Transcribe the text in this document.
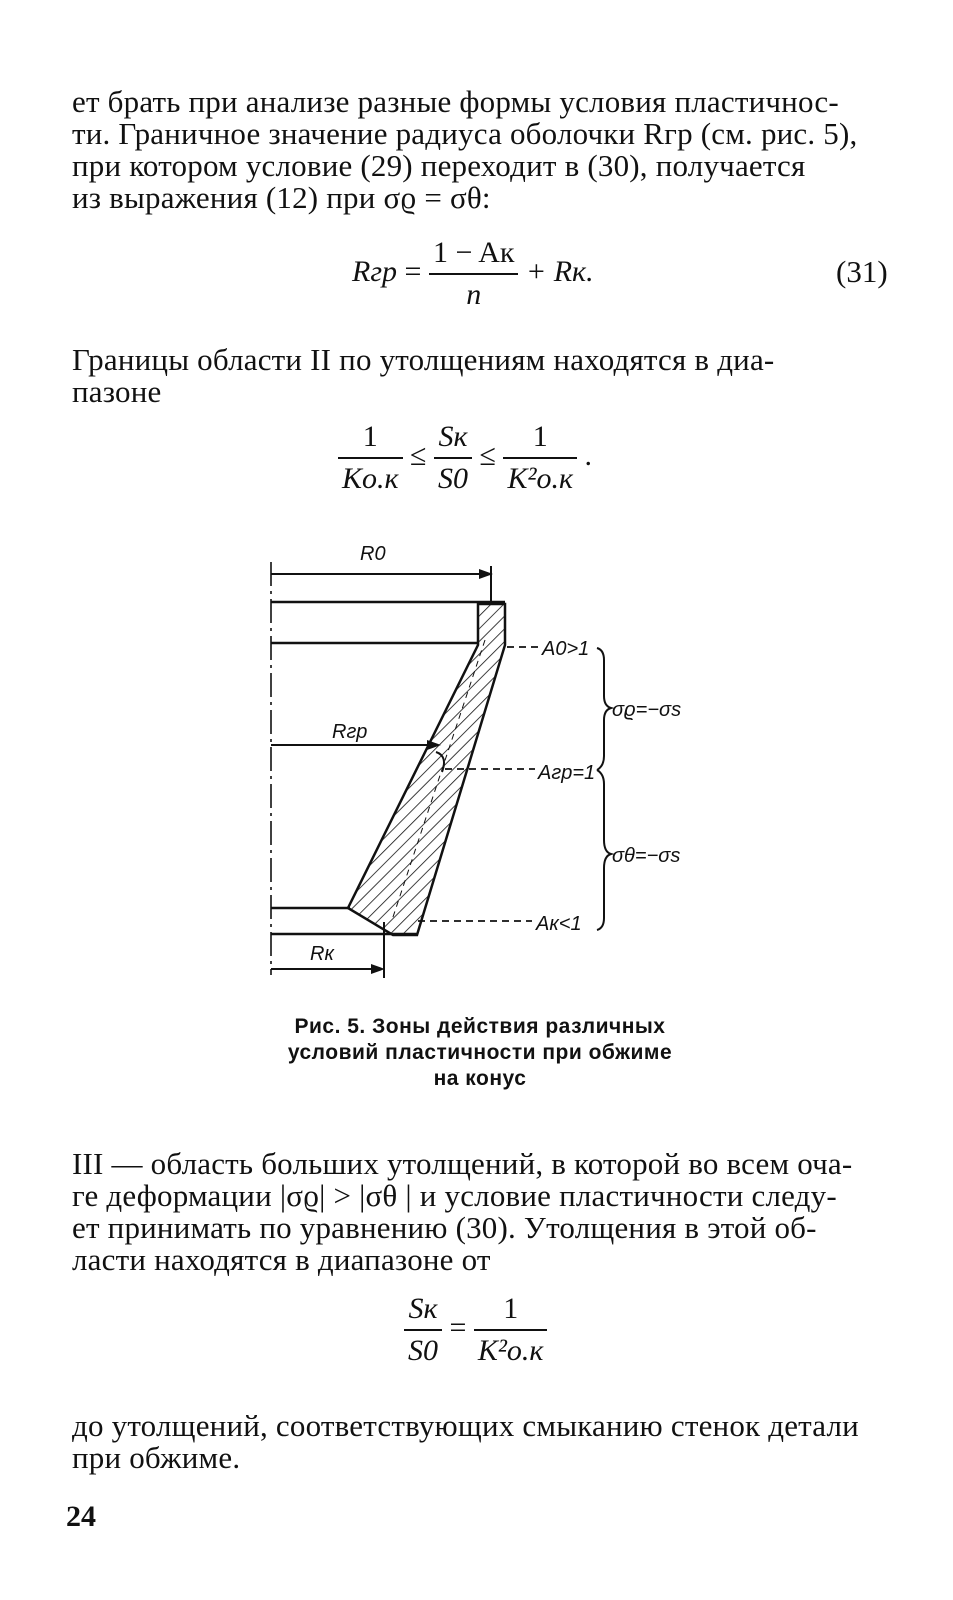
ет брать при анализе разные формы условия пластичнос-
ти. Граничное значение радиуса оболочки Rгр (см. рис. 5),
при котором условие (29) переходит в (30), получается
из выражения (12) при σϱ = σθ:
Rгр = $\frac{1 - Aк}{n}$ + Rк.	(31)
Границы области II по утолщениям находятся в диа-
пазоне
$\frac{1}{Kо.к} \le \frac{Sк}{S0} \le \frac{1}{\text{K²о.к}}$ .
R0
Rгр
Rк
A0>1
Aгр=1
Aк<1
σϱ=−σs
σθ=−σs
Рис. 5. Зоны действия различных
условий пластичности при обжиме
на конус
III — область больших утолщений, в которой во всем оча-
ге деформации |σϱ| > |σθ | и условие пластичности следу-
ет принимать по уравнению (30). Утолщения в этой об-
ласти находятся в диапазоне от
$\frac{Sк}{S0} = \frac{1}{\text{K²о.к}}$
до утолщений, соответствующих смыканию стенок детали
при обжиме.
24
